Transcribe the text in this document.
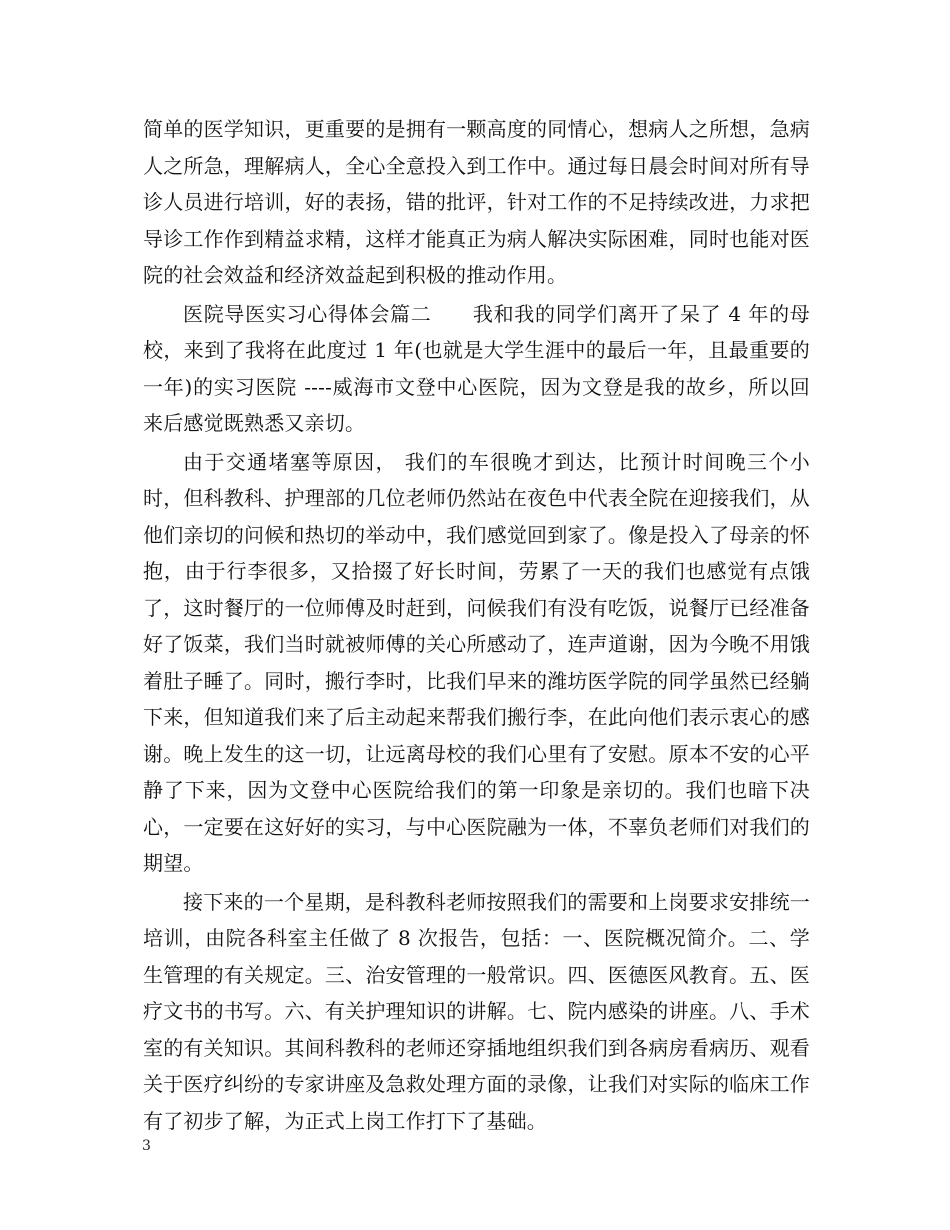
简单的医学知识，更重要的是拥有一颗高度的同情心，想病人之所想，急病人之所急，理解病人，全心全意投入到工作中。通过每日晨会时间对所有导诊人员进行培训，好的表扬，错的批评，针对工作的不足持续改进，力求把导诊工作作到精益求精，这样才能真正为病人解决实际困难，同时也能对医院的社会效益和经济效益起到积极的推动作用。

医院导医实习心得体会篇二　　我和我的同学们离开了呆了 4 年的母校，来到了我将在此度过 1 年(也就是大学生涯中的最后一年，且最重要的一年)的实习医院 ----威海市文登中心医院，因为文登是我的故乡，所以回来后感觉既熟悉又亲切。

由于交通堵塞等原因， 我们的车很晚才到达，比预计时间晚三个小时，但科教科、护理部的几位老师仍然站在夜色中代表全院在迎接我们，从他们亲切的问候和热切的举动中，我们感觉回到家了。像是投入了母亲的怀抱，由于行李很多，又拾掇了好长时间，劳累了一天的我们也感觉有点饿了，这时餐厅的一位师傅及时赶到，问候我们有没有吃饭，说餐厅已经准备好了饭菜，我们当时就被师傅的关心所感动了，连声道谢，因为今晚不用饿着肚子睡了。同时，搬行李时，比我们早来的潍坊医学院的同学虽然已经躺下来，但知道我们来了后主动起来帮我们搬行李，在此向他们表示衷心的感谢。晚上发生的这一切，让远离母校的我们心里有了安慰。原本不安的心平静了下来，因为文登中心医院给我们的第一印象是亲切的。我们也暗下决心，一定要在这好好的实习，与中心医院融为一体，不辜负老师们对我们的期望。

接下来的一个星期，是科教科老师按照我们的需要和上岗要求安排统一培训，由院各科室主任做了 8 次报告，包括：一、医院概况简介。二、学生管理的有关规定。三、治安管理的一般常识。四、医德医风教育。五、医疗文书的书写。六、有关护理知识的讲解。七、院内感染的讲座。八、手术室的有关知识。其间科教科的老师还穿插地组织我们到各病房看病历、观看关于医疗纠纷的专家讲座及急救处理方面的录像，让我们对实际的临床工作有了初步了解，为正式上岗工作打下了基础。

3
